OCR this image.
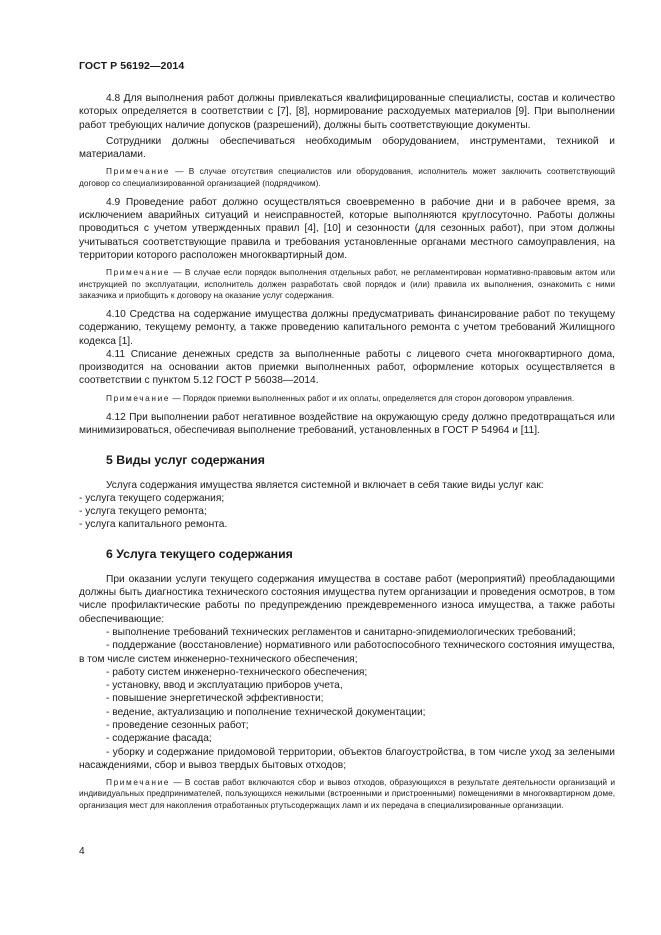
ГОСТ Р 56192—2014

4.8 Для выполнения работ должны привлекаться квалифицированные специалисты, состав и количество которых определяется в соответствии с [7], [8], нормирование расходуемых материалов [9]. При выполнении работ требующих наличие допусков (разрешений), должны быть соответствующие документы.

Сотрудники должны обеспечиваться необходимым оборудованием, инструментами, техникой и материалами.

Примечание — В случае отсутствия специалистов или оборудования, исполнитель может заключить соответствующий договор со специализированной организацией (подрядчиком).

4.9 Проведение работ должно осуществляться своевременно в рабочие дни и в рабочее время, за исключением аварийных ситуаций и неисправностей, которые выполняются круглосуточно. Работы должны проводиться с учетом утвержденных правил [4], [10] и сезонности (для сезонных работ), при этом должны учитываться соответствующие правила и требования установленные органами местного самоуправления, на территории которого расположен многоквартирный дом.

Примечание — В случае если порядок выполнения отдельных работ, не регламентирован нормативно-правовым актом или инструкцией по эксплуатации, исполнитель должен разработать свой порядок и (или) правила их выполнения, ознакомить с ними заказчика и приобщить к договору на оказание услуг содержания.

4.10 Средства на содержание имущества должны предусматривать финансирование работ по текущему содержанию, текущему ремонту, а также проведению капитального ремонта с учетом требований Жилищного кодекса [1].

4.11 Списание денежных средств за выполненные работы с лицевого счета многоквартирного дома, производится на основании актов приемки выполненных работ, оформление которых осуществляется в соответствии с пунктом 5.12 ГОСТ Р 56038—2014.

Примечание — Порядок приемки выполненных работ и их оплаты, определяется для сторон договором управления.

4.12 При выполнении работ негативное воздействие на окружающую среду должно предотвращаться или минимизироваться, обеспечивая выполнение требований, установленных в ГОСТ Р 54964 и [11].

5 Виды услуг содержания

Услуга содержания имущества является системной и включает в себя такие виды услуг как:

- услуга текущего содержания;

- услуга текущего ремонта;

- услуга капитального ремонта.

6 Услуга текущего содержания

При оказании услуги текущего содержания имущества в составе работ (мероприятий) преобладающими должны быть диагностика технического состояния имущества путем организации и проведения осмотров, в том числе профилактические работы по предупреждению преждевременного износа имущества, а также работы обеспечивающие:

- выполнение требований технических регламентов и санитарно-эпидемиологических требований;

- поддержание (восстановление) нормативного или работоспособного технического состояния имущества, в том числе систем инженерно-технического обеспечения;

- работу систем инженерно-технического обеспечения;

- установку, ввод и эксплуатацию приборов учета,

- повышение энергетической эффективности;

- ведение, актуализацию и пополнение технической документации;

- проведение сезонных работ;

- содержание фасада;

- уборку и содержание придомовой территории, объектов благоустройства, в том числе уход за зелеными насаждениями, сбор и вывоз твердых бытовых отходов;

Примечание — В состав работ включаются сбор и вывоз отходов, образующихся в результате деятельности организаций и индивидуальных предпринимателей, пользующихся нежилыми (встроенными и пристроенными) помещениями в многоквартирном доме, организация мест для накопления отработанных ртутьсодержащих ламп и их передача в специализированные организации.

4
